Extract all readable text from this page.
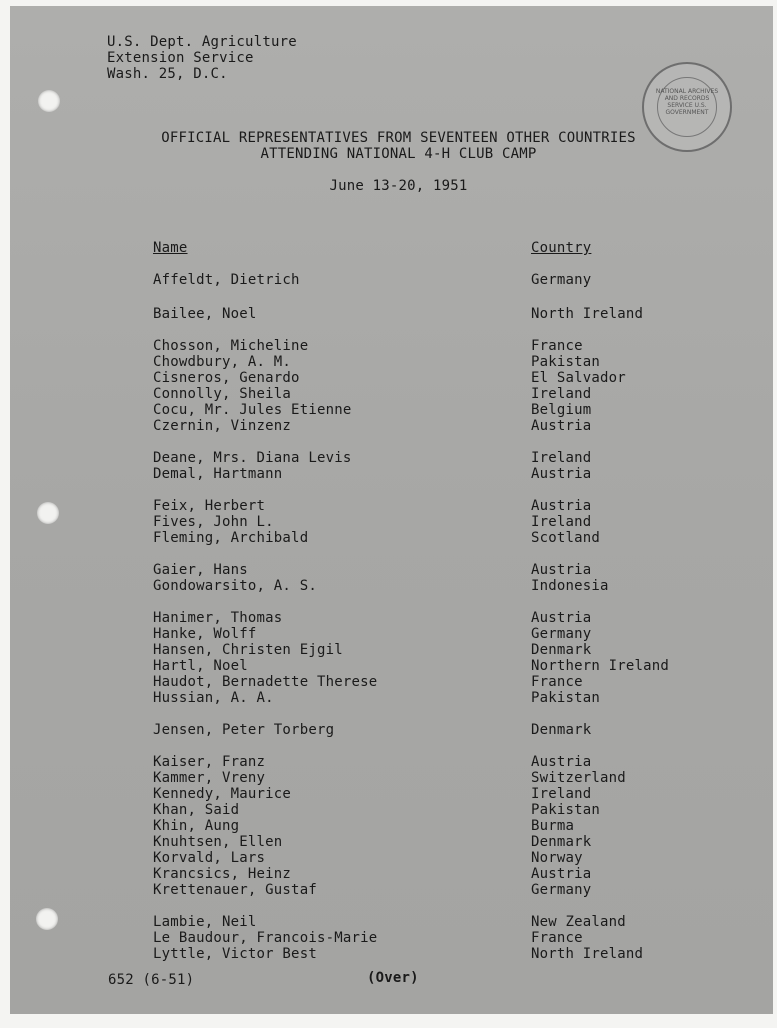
U.S. Dept. Agriculture
Extension Service
Wash. 25, D.C.
NATIONAL ARCHIVES AND RECORDS SERVICE U.S. GOVERNMENT
OFFICIAL REPRESENTATIVES FROM SEVENTEEN OTHER COUNTRIES
ATTENDING NATIONAL 4-H CLUB CAMP
June 13-20, 1951
Name	Country
Affeldt, Dietrich	Germany
Bailee, Noel	North Ireland
Chosson, Micheline	France
Chowdbury, A. M.	Pakistan
Cisneros, Genardo	El Salvador
Connolly, Sheila	Ireland
Cocu, Mr. Jules Etienne	Belgium
Czernin, Vinzenz	Austria
Deane, Mrs. Diana Levis	Ireland
Demal, Hartmann	Austria
Feix, Herbert	Austria
Fives, John L.	Ireland
Fleming, Archibald	Scotland
Gaier, Hans	Austria
Gondowarsito, A. S.	Indonesia
Hanimer, Thomas	Austria
Hanke, Wolff	Germany
Hansen, Christen Ejgil	Denmark
Hartl, Noel	Northern Ireland
Haudot, Bernadette Therese	France
Hussian, A. A.	Pakistan
Jensen, Peter Torberg	Denmark
Kaiser, Franz	Austria
Kammer, Vreny	Switzerland
Kennedy, Maurice	Ireland
Khan, Said	Pakistan
Khin, Aung	Burma
Knuhtsen, Ellen	Denmark
Korvald, Lars	Norway
Krancsics, Heinz	Austria
Krettenauer, Gustaf	Germany
Lambie, Neil	New Zealand
Le Baudour, Francois-Marie	France
Lyttle, Victor Best	North Ireland
652 (6-51)	(Over)
